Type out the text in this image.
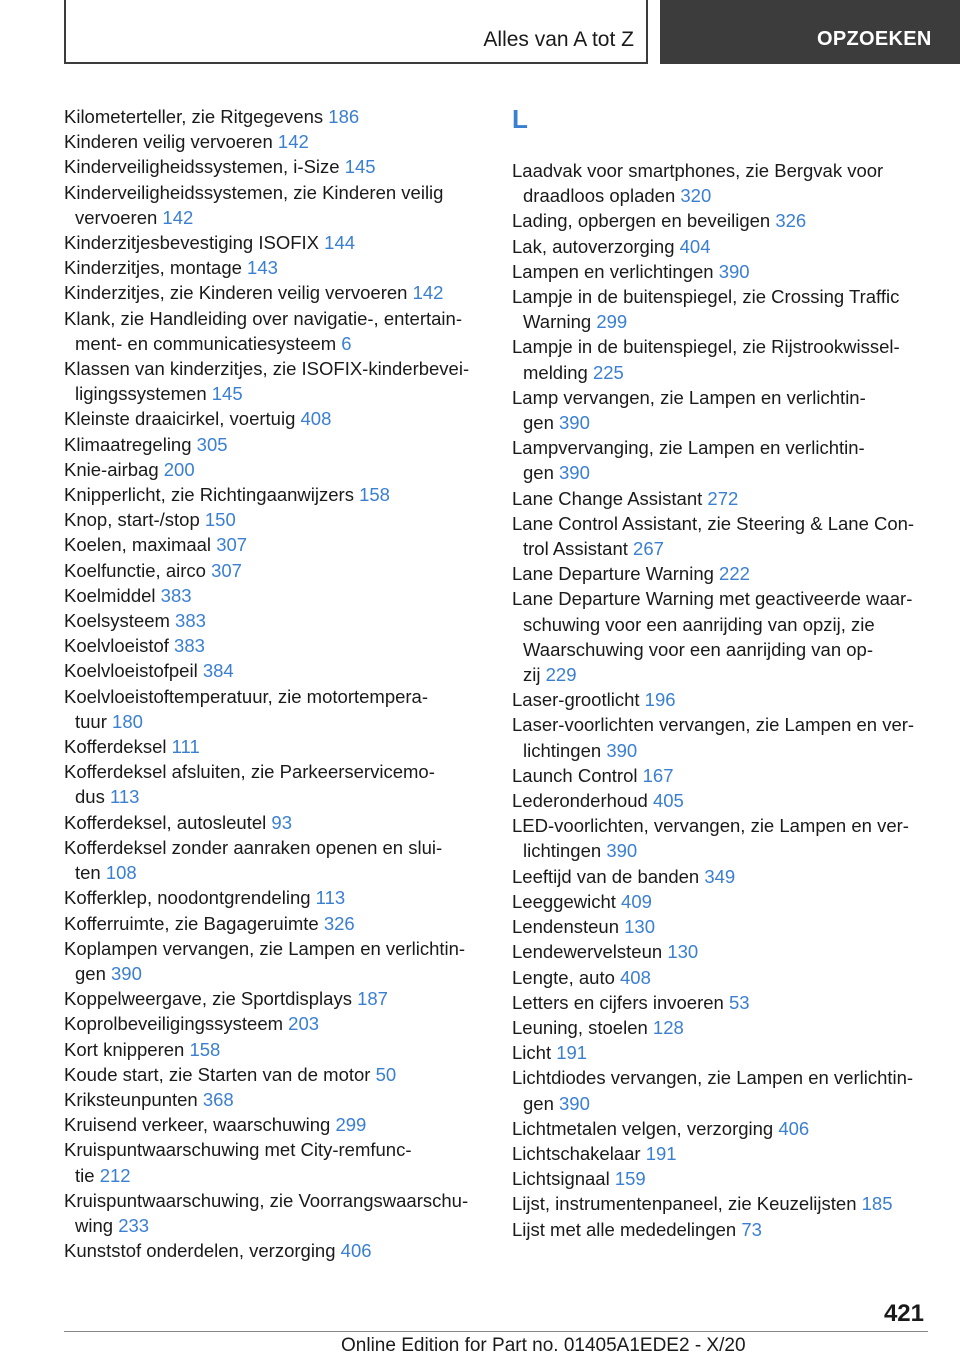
Alles van A tot Z	OPZOEKEN
Kilometerteller, zie Ritgegevens 186
Kinderen veilig vervoeren 142
Kinderveiligheidssystemen, i-Size 145
Kinderveiligheidssystemen, zie Kinderen veilig
vervoeren 142
Kinderzitjesbevestiging ISOFIX 144
Kinderzitjes, montage 143
Kinderzitjes, zie Kinderen veilig vervoeren 142
Klank, zie Handleiding over navigatie-, entertain-
ment- en communicatiesysteem 6
Klassen van kinderzitjes, zie ISOFIX-kinderbevei-
ligingssystemen 145
Kleinste draaicirkel, voertuig 408
Klimaatregeling 305
Knie-airbag 200
Knipperlicht, zie Richtingaanwijzers 158
Knop, start-/stop 150
Koelen, maximaal 307
Koelfunctie, airco 307
Koelmiddel 383
Koelsysteem 383
Koelvloeistof 383
Koelvloeistofpeil 384
Koelvloeistoftemperatuur, zie motortempera-
tuur 180
Kofferdeksel 111
Kofferdeksel afsluiten, zie Parkeerservicemo-
dus 113
Kofferdeksel, autosleutel 93
Kofferdeksel zonder aanraken openen en slui-
ten 108
Kofferklep, noodontgrendeling 113
Kofferruimte, zie Bagageruimte 326
Koplampen vervangen, zie Lampen en verlichtin-
gen 390
Koppelweergave, zie Sportdisplays 187
Koprolbeveiligingssysteem 203
Kort knipperen 158
Koude start, zie Starten van de motor 50
Kriksteunpunten 368
Kruisend verkeer, waarschuwing 299
Kruispuntwaarschuwing met City-remfunc-
tie 212
Kruispuntwaarschuwing, zie Voorrangswaarschu-
wing 233
Kunststof onderdelen, verzorging 406
L
Laadvak voor smartphones, zie Bergvak voor
draadloos opladen 320
Lading, opbergen en beveiligen 326
Lak, autoverzorging 404
Lampen en verlichtingen 390
Lampje in de buitenspiegel, zie Crossing Traffic
Warning 299
Lampje in de buitenspiegel, zie Rijstrookwissel-
melding 225
Lamp vervangen, zie Lampen en verlichtin-
gen 390
Lampvervanging, zie Lampen en verlichtin-
gen 390
Lane Change Assistant 272
Lane Control Assistant, zie Steering & Lane Con-
trol Assistant 267
Lane Departure Warning 222
Lane Departure Warning met geactiveerde waar-
schuwing voor een aanrijding van opzij, zie
Waarschuwing voor een aanrijding van op-
zij 229
Laser-grootlicht 196
Laser-voorlichten vervangen, zie Lampen en ver-
lichtingen 390
Launch Control 167
Lederonderhoud 405
LED-voorlichten, vervangen, zie Lampen en ver-
lichtingen 390
Leeftijd van de banden 349
Leeggewicht 409
Lendensteun 130
Lendewervelsteun 130
Lengte, auto 408
Letters en cijfers invoeren 53
Leuning, stoelen 128
Licht 191
Lichtdiodes vervangen, zie Lampen en verlichtin-
gen 390
Lichtmetalen velgen, verzorging 406
Lichtschakelaar 191
Lichtsignaal 159
Lijst, instrumentenpaneel, zie Keuzelijsten 185
Lijst met alle mededelingen 73
421
Online Edition for Part no. 01405A1EDE2 - X/20
